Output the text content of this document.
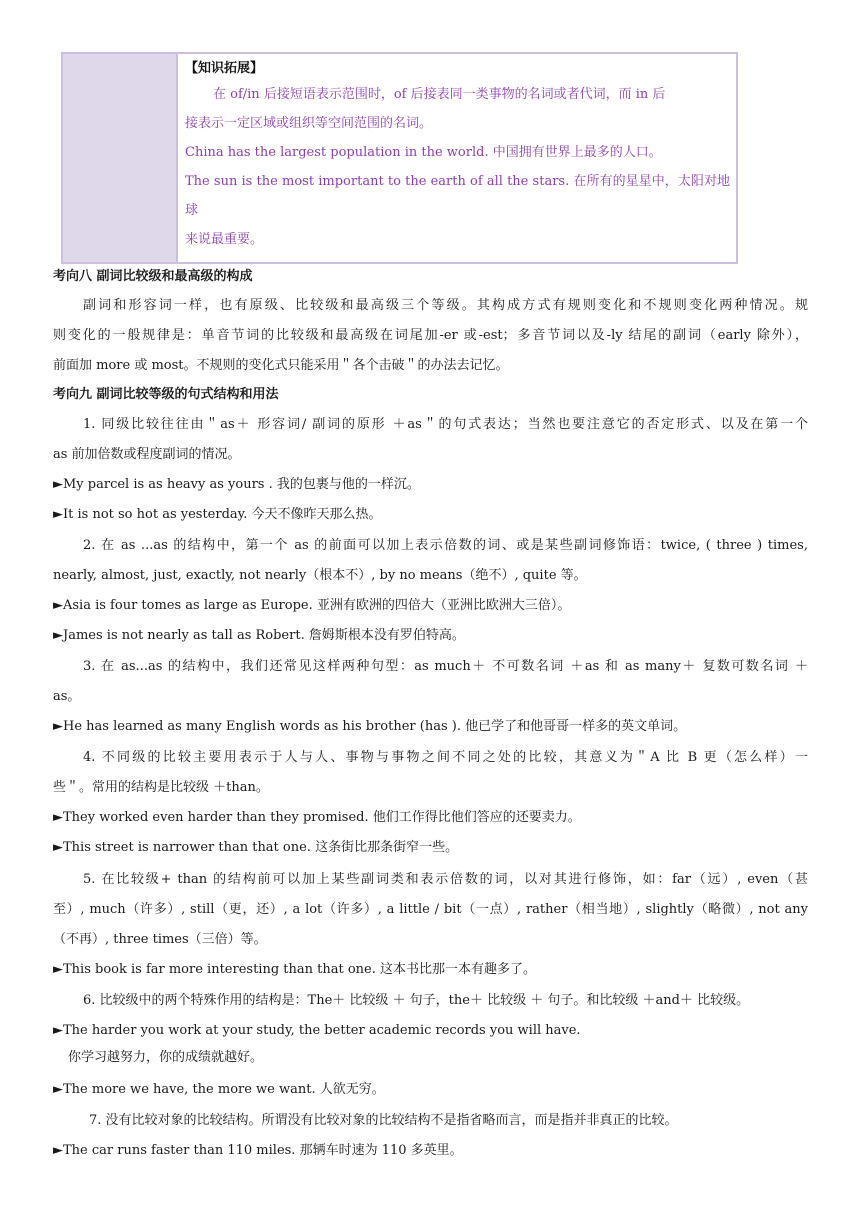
【知识拓展】
在 of/in 后接短语表示范围时，of 后接表同一类事物的名词或者代词，而 in 后
接表示一定区域或组织等空间范围的名词。
China has the largest population in the world. 中国拥有世界上最多的人口。
The sun is the most important to the earth of all the stars. 在所有的星星中，太阳对地球
来说最重要。
考向八 副词比较级和最高级的构成
副词和形容词一样，也有原级、比较级和最高级三个等级。其构成方式有规则变化和不规则变化两种情况。规
则变化的一般规律是：单音节词的比较级和最高级在词尾加-er 或-est；多音节词以及-ly 结尾的副词（early 除外），
前面加 more 或 most。不规则的变化式只能采用＂各个击破＂的办法去记忆。
考向九 副词比较等级的句式结构和用法
1. 同级比较往往由＂as＋ 形容词/ 副词的原形 ＋as＂的句式表达；当然也要注意它的否定形式、以及在第一个
as 前加倍数或程度副词的情况。
►My parcel is as heavy as yours . 我的包裹与他的一样沉。
►It is not so hot as yesterday. 今天不像昨天那么热。
2. 在 as ...as 的结构中，第一个 as 的前面可以加上表示倍数的词、或是某些副词修饰语：twice, ( three ) times,
nearly, almost, just, exactly, not nearly（根本不）, by no means（绝不）, quite 等。
►Asia is four tomes as large as Europe. 亚洲有欧洲的四倍大（亚洲比欧洲大三倍）。
►James is not nearly as tall as Robert. 詹姆斯根本没有罗伯特高。
3. 在 as...as 的结构中，我们还常见这样两种句型：as much＋ 不可数名词 ＋as 和 as many＋ 复数可数名词 ＋
as。
►He has learned as many English words as his brother (has ). 他已学了和他哥哥一样多的英文单词。
4. 不同级的比较主要用表示于人与人、事物与事物之间不同之处的比较，其意义为＂A 比 B 更（怎么样）一
些＂。常用的结构是比较级 ＋than。
►They worked even harder than they promised. 他们工作得比他们答应的还要卖力。
►This street is narrower than that one. 这条街比那条街窄一些。
5. 在比较级+ than 的结构前可以加上某些副词类和表示倍数的词，以对其进行修饰，如：far（远）, even（甚
至）, much（许多）, still（更，还）, a lot（许多）, a little / bit（一点）, rather（相当地）, slightly（略微）, not any
（不再）, three times（三倍）等。
►This book is far more interesting than that one. 这本书比那一本有趣多了。
6. 比较级中的两个特殊作用的结构是：The＋ 比较级 ＋ 句子，the＋ 比较级 ＋ 句子。和比较级 ＋and＋ 比较级。
►The harder you work at your study, the better academic records you will have.
你学习越努力，你的成绩就越好。
►The more we have, the more we want. 人欲无穷。
7. 没有比较对象的比较结构。所谓没有比较对象的比较结构不是指省略而言，而是指并非真正的比较。
►The car runs faster than 110 miles. 那辆车时速为 110 多英里。
